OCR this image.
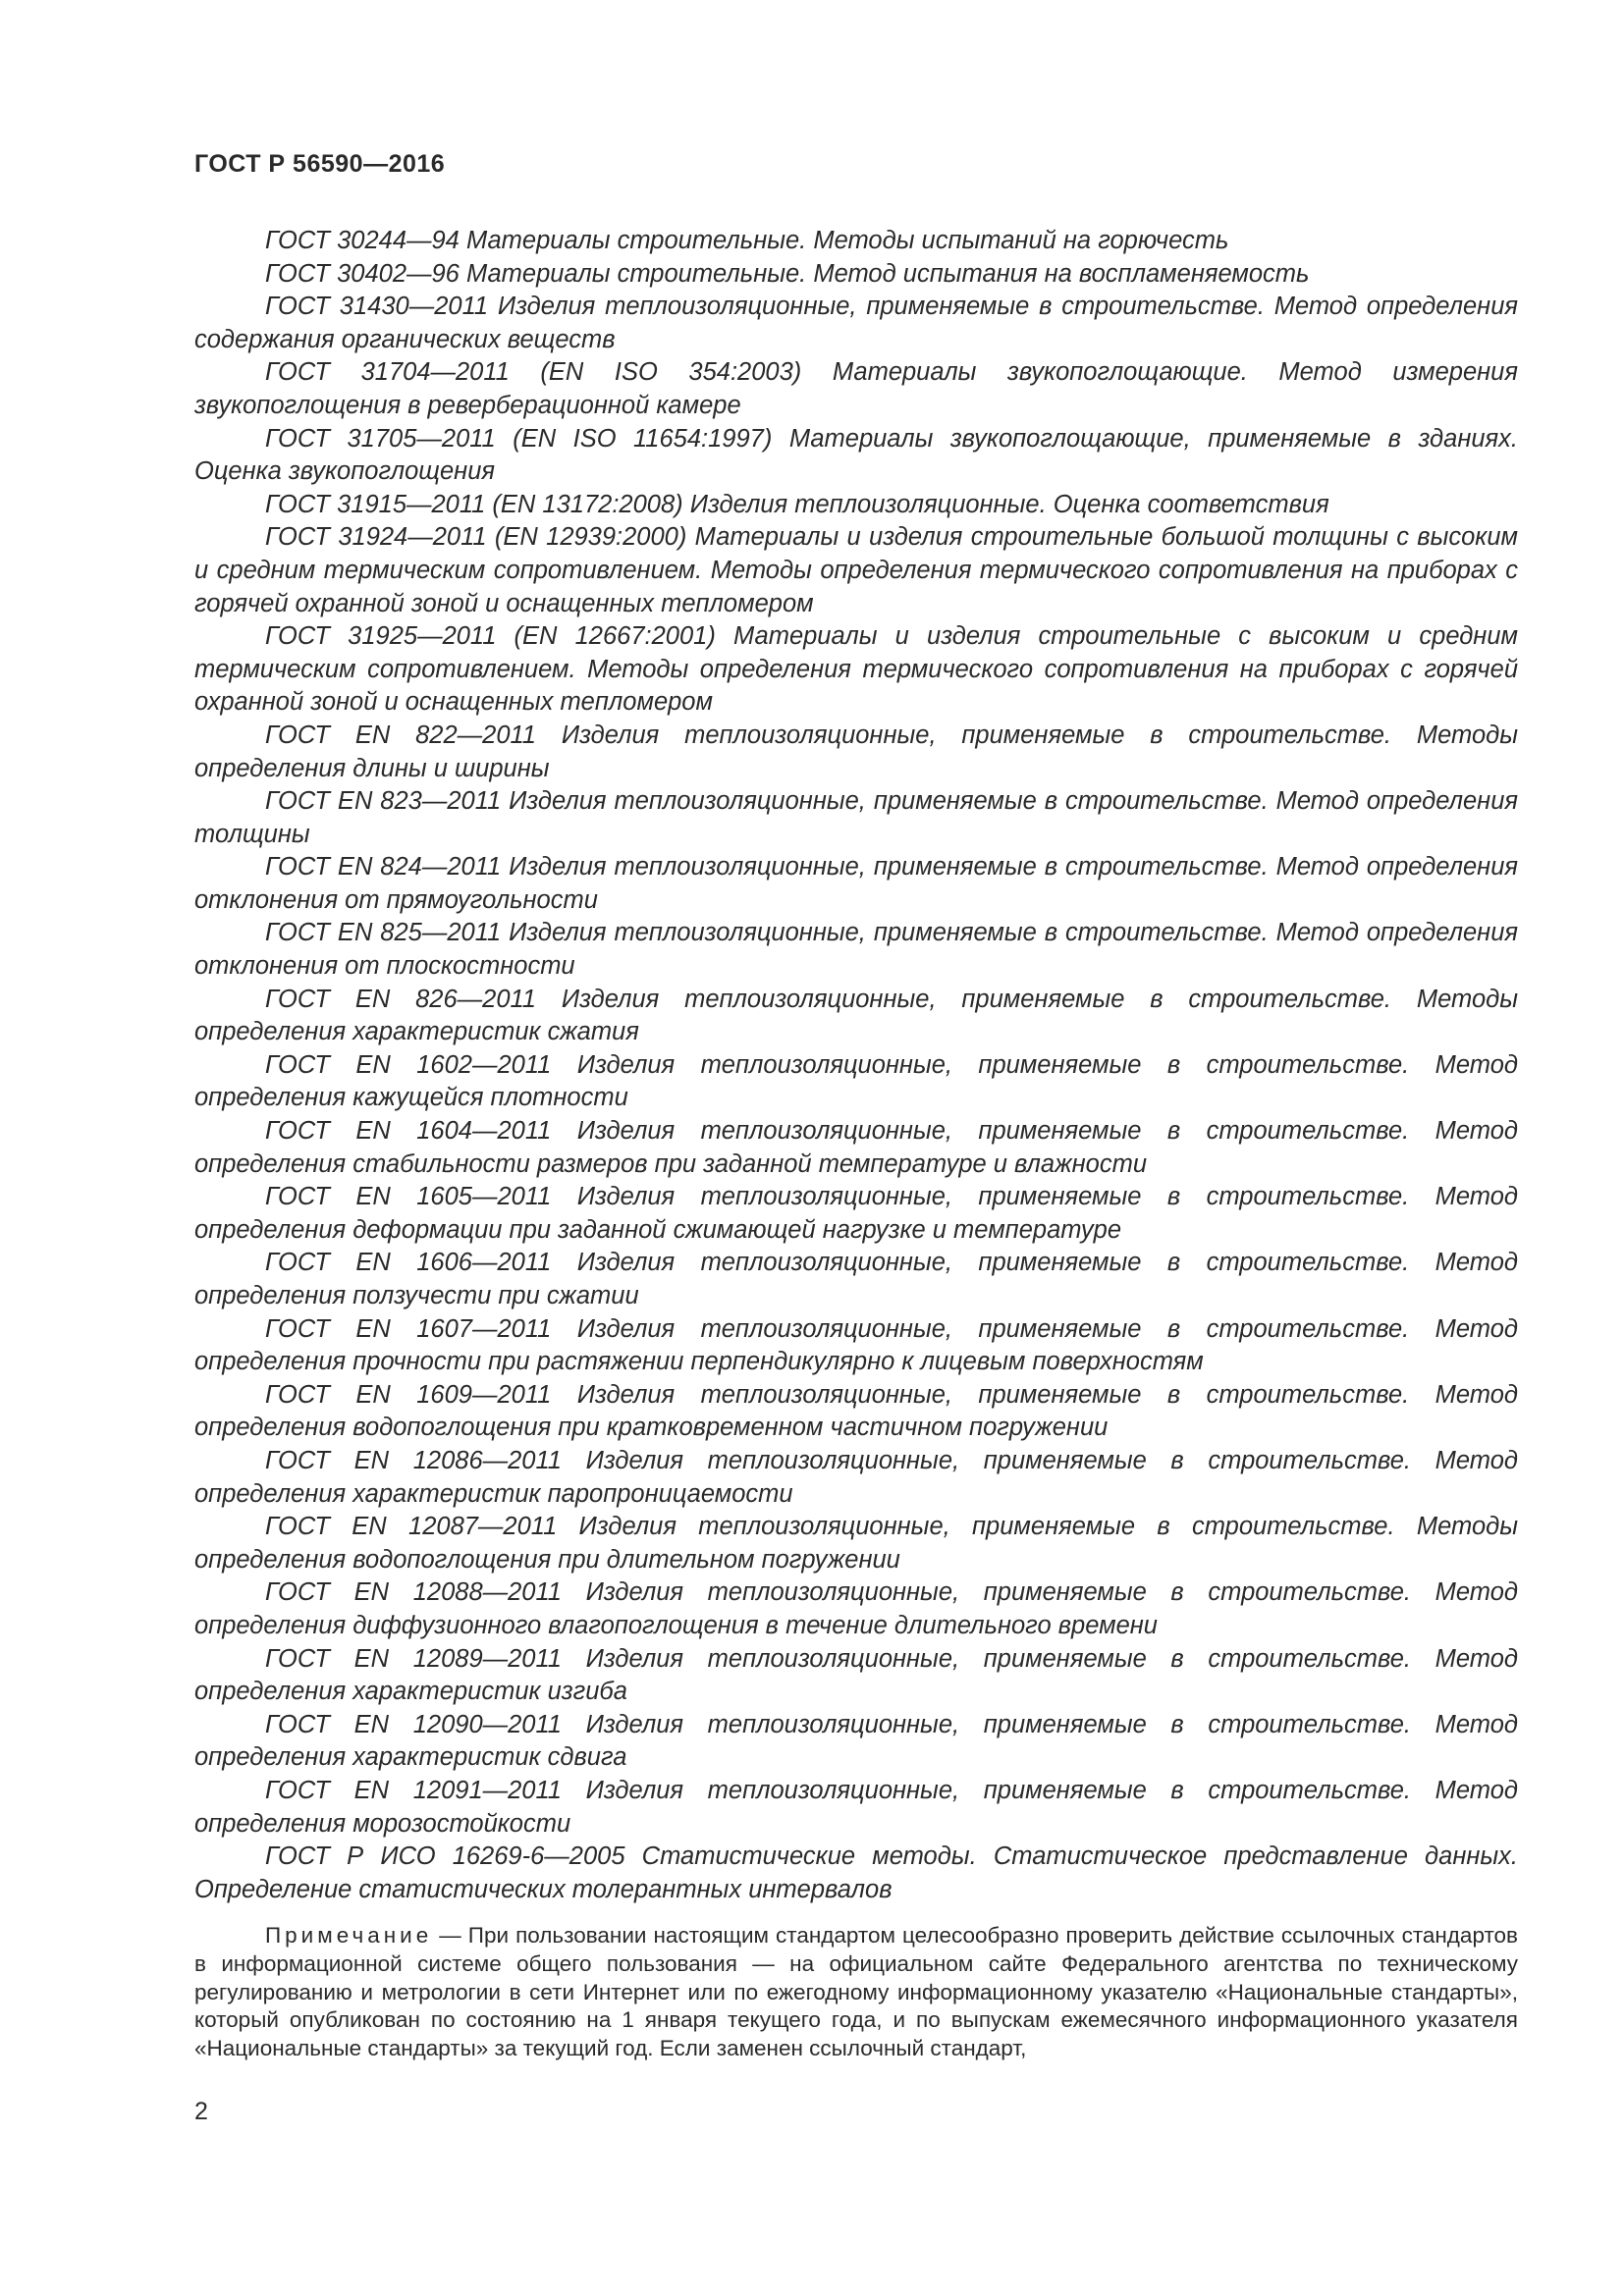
ГОСТ Р 56590—2016

ГОСТ 30244—94 Материалы строительные. Методы испытаний на горючесть

ГОСТ 30402—96 Материалы строительные. Метод испытания на воспламеняемость

ГОСТ 31430—2011 Изделия теплоизоляционные, применяемые в строительстве. Метод определения содержания органических веществ

ГОСТ 31704—2011 (EN ISO 354:2003) Материалы звукопоглощающие. Метод измерения звукопоглощения в реверберационной камере

ГОСТ 31705—2011 (EN ISO 11654:1997) Материалы звукопоглощающие, применяемые в зданиях. Оценка звукопоглощения

ГОСТ 31915—2011 (EN 13172:2008) Изделия теплоизоляционные. Оценка соответствия

ГОСТ 31924—2011 (EN 12939:2000) Материалы и изделия строительные большой толщины с высоким и средним термическим сопротивлением. Методы определения термического сопротивления на приборах с горячей охранной зоной и оснащенных тепломером

ГОСТ 31925—2011 (EN 12667:2001) Материалы и изделия строительные с высоким и средним термическим сопротивлением. Методы определения термического сопротивления на приборах с горячей охранной зоной и оснащенных тепломером

ГОСТ EN 822—2011 Изделия теплоизоляционные, применяемые в строительстве. Методы определения длины и ширины

ГОСТ EN 823—2011 Изделия теплоизоляционные, применяемые в строительстве. Метод определения толщины

ГОСТ EN 824—2011 Изделия теплоизоляционные, применяемые в строительстве. Метод определения отклонения от прямоугольности

ГОСТ EN 825—2011 Изделия теплоизоляционные, применяемые в строительстве. Метод определения отклонения от плоскостности

ГОСТ EN 826—2011 Изделия теплоизоляционные, применяемые в строительстве. Методы определения характеристик сжатия

ГОСТ EN 1602—2011 Изделия теплоизоляционные, применяемые в строительстве. Метод определения кажущейся плотности

ГОСТ EN 1604—2011 Изделия теплоизоляционные, применяемые в строительстве. Метод определения стабильности размеров при заданной температуре и влажности

ГОСТ EN 1605—2011 Изделия теплоизоляционные, применяемые в строительстве. Метод определения деформации при заданной сжимающей нагрузке и температуре

ГОСТ EN 1606—2011 Изделия теплоизоляционные, применяемые в строительстве. Метод определения ползучести при сжатии

ГОСТ EN 1607—2011 Изделия теплоизоляционные, применяемые в строительстве. Метод определения прочности при растяжении перпендикулярно к лицевым поверхностям

ГОСТ EN 1609—2011 Изделия теплоизоляционные, применяемые в строительстве. Метод определения водопоглощения при кратковременном частичном погружении

ГОСТ EN 12086—2011 Изделия теплоизоляционные, применяемые в строительстве. Метод определения характеристик паропроницаемости

ГОСТ EN 12087—2011 Изделия теплоизоляционные, применяемые в строительстве. Методы определения водопоглощения при длительном погружении

ГОСТ EN 12088—2011 Изделия теплоизоляционные, применяемые в строительстве. Метод определения диффузионного влагопоглощения в течение длительного времени

ГОСТ EN 12089—2011 Изделия теплоизоляционные, применяемые в строительстве. Метод определения характеристик изгиба

ГОСТ EN 12090—2011 Изделия теплоизоляционные, применяемые в строительстве. Метод определения характеристик сдвига

ГОСТ EN 12091—2011 Изделия теплоизоляционные, применяемые в строительстве. Метод определения морозостойкости

ГОСТ Р ИСО 16269-6—2005 Статистические методы. Статистическое представление данных. Определение статистических толерантных интервалов

Примечание — При пользовании настоящим стандартом целесообразно проверить действие ссылочных стандартов в информационной системе общего пользования — на официальном сайте Федерального агентства по техническому регулированию и метрологии в сети Интернет или по ежегодному информационному указателю «Национальные стандарты», который опубликован по состоянию на 1 января текущего года, и по выпускам ежемесячного информационного указателя «Национальные стандарты» за текущий год. Если заменен ссылочный стандарт,

2
